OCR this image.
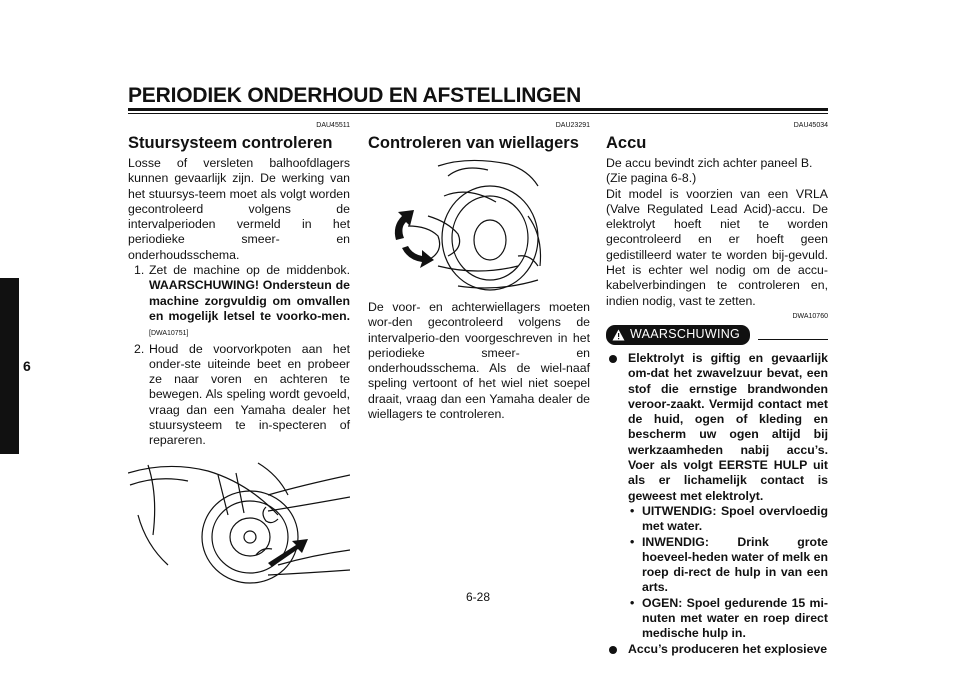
PERIODIEK ONDERHOUD EN AFSTELLINGEN
6
DAU45511
Stuursysteem controleren

Losse of versleten balhoofdlagers kunnen gevaarlijk zijn. De werking van het stuursys-teem moet als volgt worden gecontroleerd volgens de intervalperioden vermeld in het periodieke smeer- en onderhoudsschema.

1. Zet de machine op de middenbok. WAARSCHUWING! Ondersteun de machine zorgvuldig om omvallen en mogelijk letsel te voorko-men.[DWA10751]
2. Houd de voorvorkpoten aan het onder-ste uiteinde beet en probeer ze naar voren en achteren te bewegen. Als speling wordt gevoeld, vraag dan een Yamaha dealer het stuursysteem te in-specteren of repareren.
DAU23291
Controleren van wiellagers

De voor- en achterwiellagers moeten wor-den gecontroleerd volgens de intervalperio-den voorgeschreven in het periodieke smeer- en onderhoudsschema. Als de wiel-naaf speling vertoont of het wiel niet soepel draait, vraag dan een Yamaha dealer de wiellagers te controleren.

DAU45034
Accu

De accu bevindt zich achter paneel B. (Zie pagina 6-8.)

Dit model is voorzien van een VRLA (Valve Regulated Lead Acid)-accu. De elektrolyt hoeft niet te worden gecontroleerd en er hoeft geen gedistilleerd water te worden bij-gevuld. Het is echter wel nodig om de accu-kabelverbindingen te controleren en, indien nodig, vast te zetten.

DWA10760
WAARSCHUWING
Elektrolyt is giftig en gevaarlijk om-dat het zwavelzuur bevat, een stof die ernstige brandwonden veroor-zaakt. Vermijd contact met de huid, ogen of kleding en bescherm uw ogen altijd bij werkzaamheden nabij accu’s. Voer als volgt EERSTE HULP uit als er lichamelijk contact is geweest met elektrolyt.
• UITWENDIG: Spoel overvloedig met water.
• INWENDIG: Drink grote hoeveel-heden water of melk en roep di-rect de hulp in van een arts.
• OGEN: Spoel gedurende 15 mi-nuten met water en roep direct medische hulp in.
Accu’s produceren het explosieve
6-28
